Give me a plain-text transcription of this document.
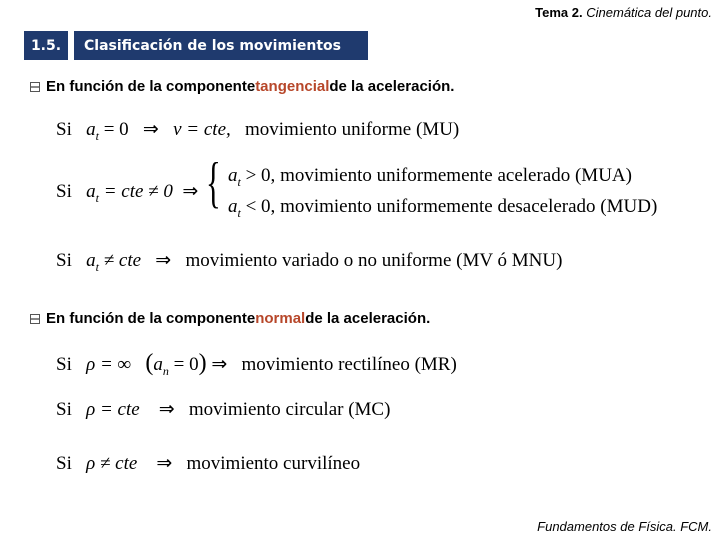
Tema 2. Cinemática del punto.
1.5.	Clasificación de los movimientos
En función de la componente tangencial de la aceleración.
Si $a_t = 0$ ⇒ v = cte, movimiento uniforme (MU)
Si $a_t$ = cte ≠ 0 ⇒ { $a_t > 0$, movimiento uniformemente acelerado (MUA)
$a_t < 0$, movimiento uniformemente desacelerado (MUD)
Si $a_t$ ≠ cte ⇒ movimiento variado o no uniforme (MV ó MNU)
En función de la componente normal de la aceleración.
Si ρ = ∞ $(a_n = 0)$ ⇒ movimiento rectilíneo (MR)
Si ρ = cte ⇒ movimiento circular (MC)
Si ρ ≠ cte ⇒ movimiento curvilíneo
Fundamentos de Física. FCM.
